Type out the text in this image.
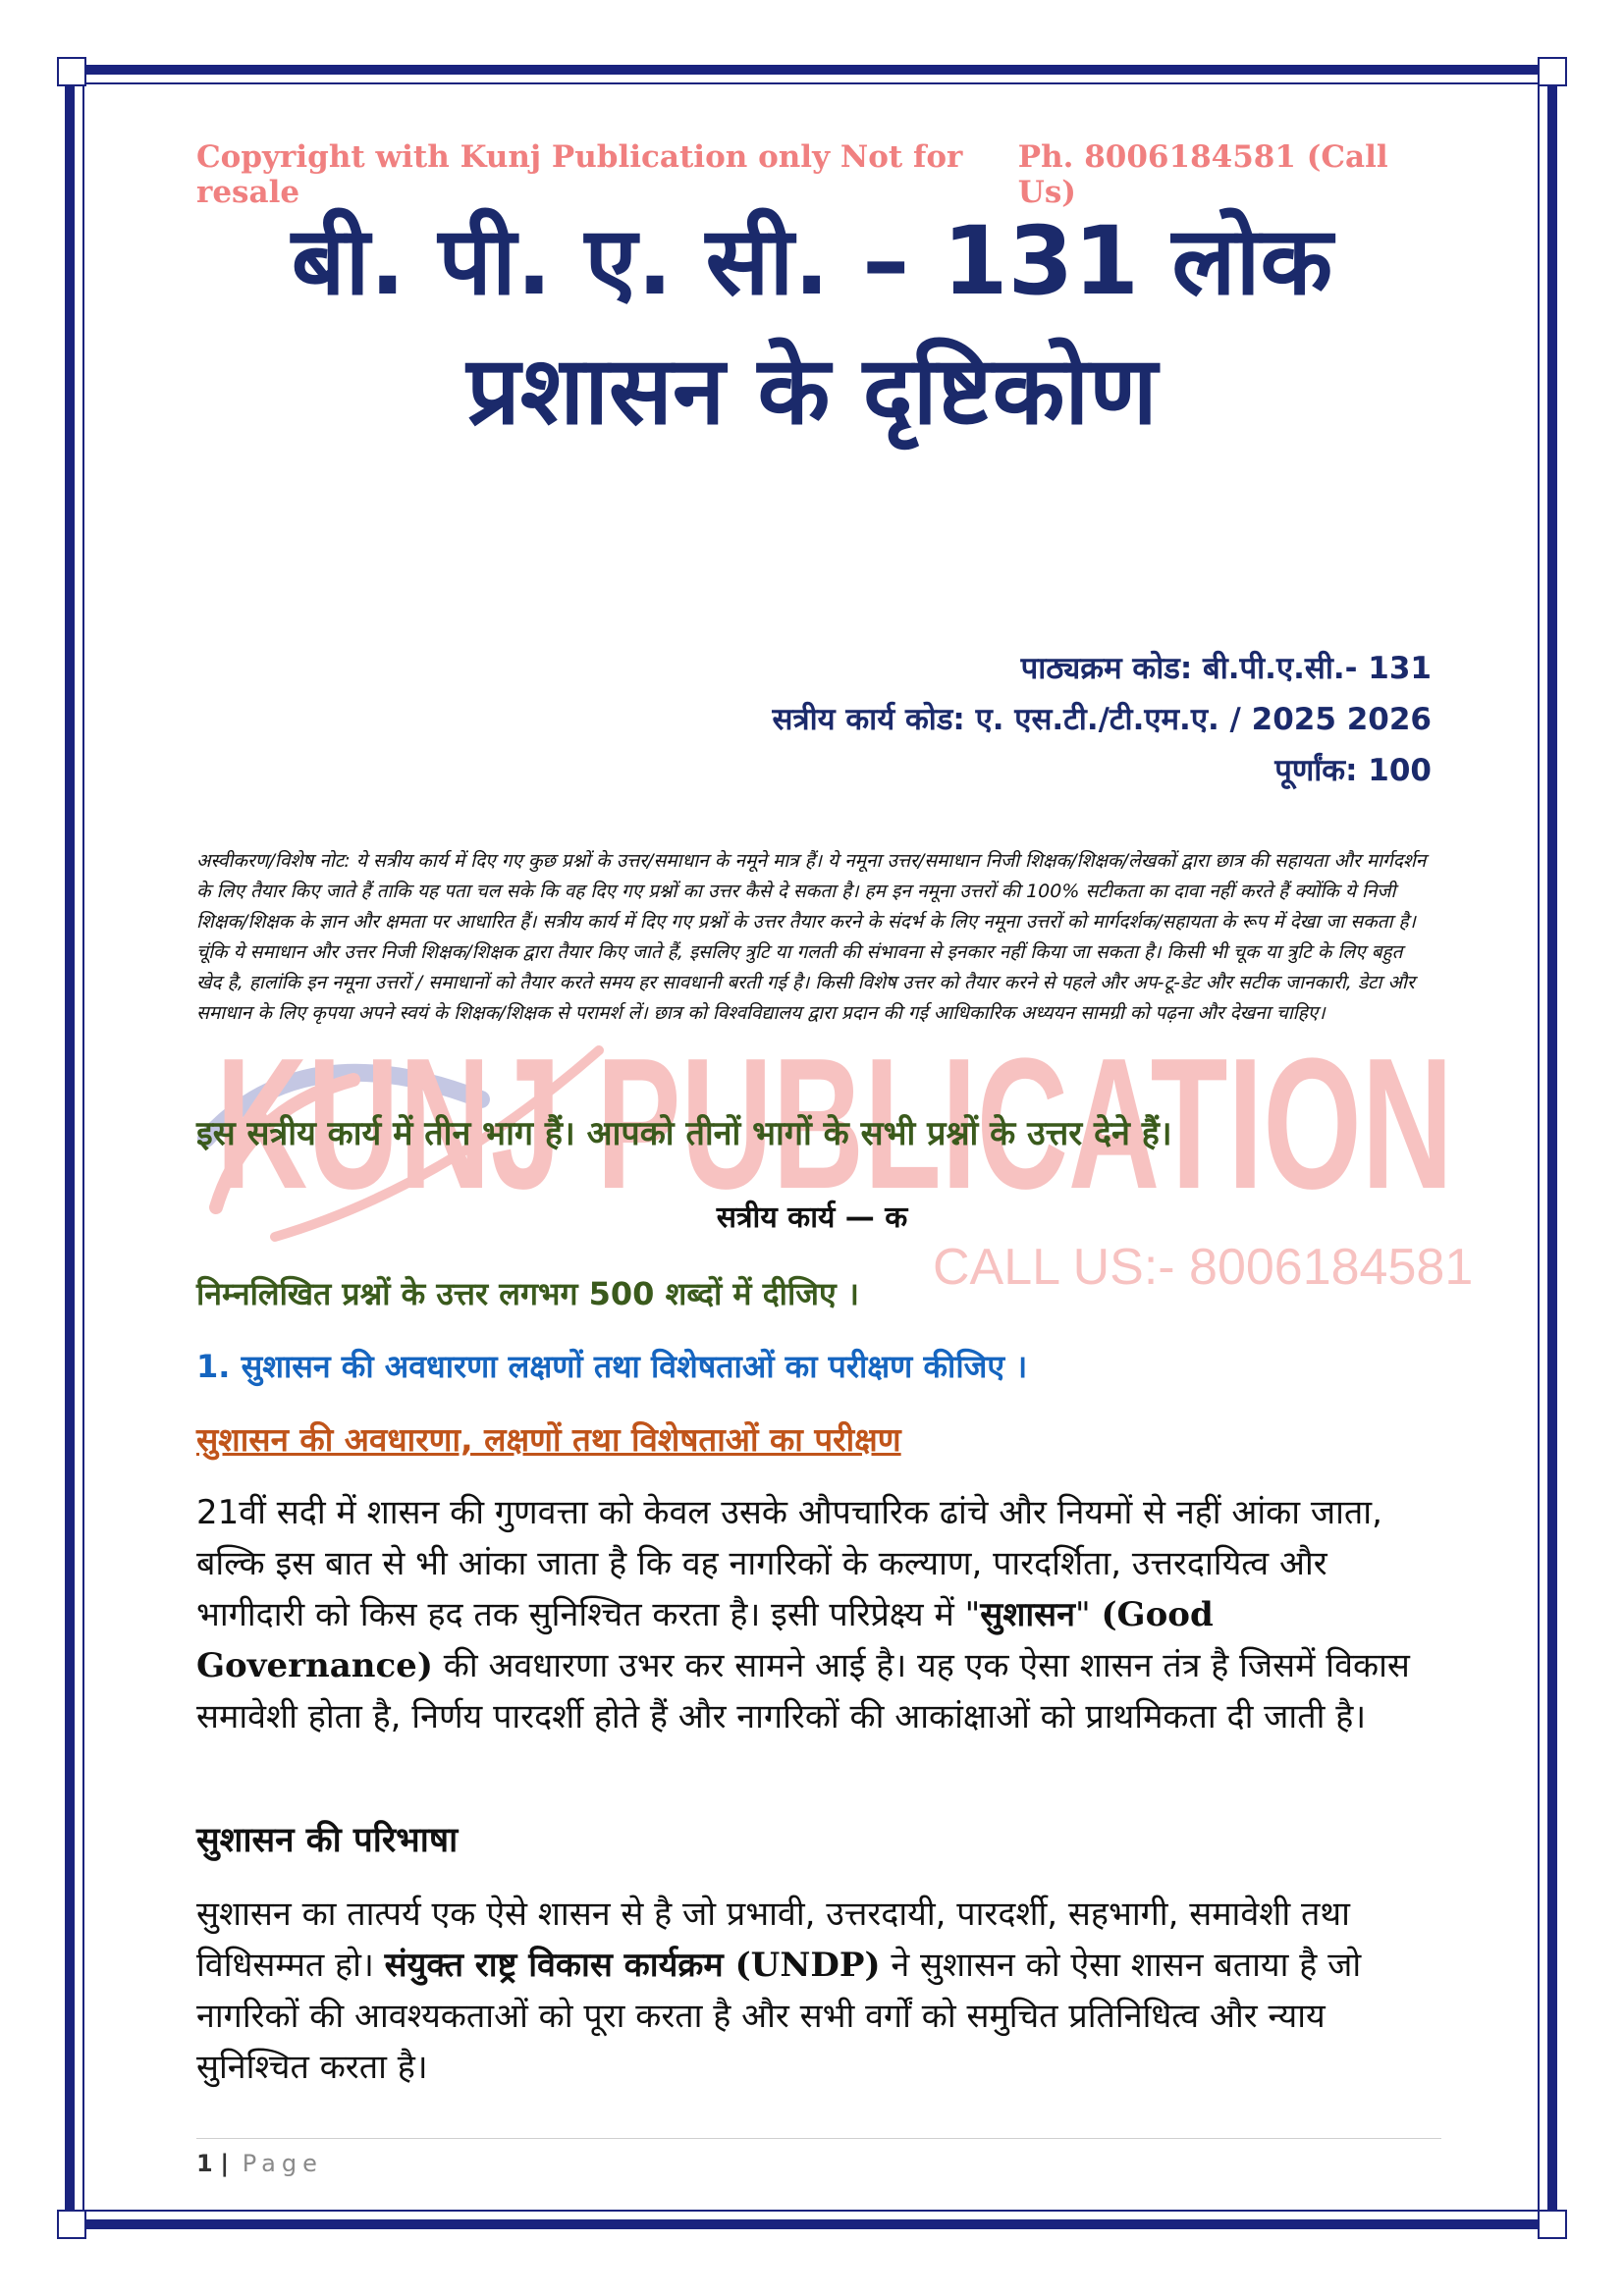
KUNJ PUBLICATION
CALL US:- 8006184581
Copyright with Kunj Publication only Not for resale
Ph. 8006184581 (Call Us)
बी. पी. ए. सी. – 131 लोक
प्रशासन के दृष्टिकोण
पाठ्यक्रम कोड: बी.पी.ए.सी.- 131
सत्रीय कार्य कोड: ए. एस.टी./टी.एम.ए. / 2025 2026
पूर्णांक: 100
अस्वीकरण/विशेष नोट: ये सत्रीय कार्य में दिए गए कुछ प्रश्नों के उत्तर/समाधान के नमूने मात्र हैं। ये नमूना उत्तर/समाधान निजी शिक्षक/शिक्षक/लेखकों द्वारा छात्र की सहायता और मार्गदर्शन के लिए तैयार किए जाते हैं ताकि यह पता चल सके कि वह दिए गए प्रश्नों का उत्तर कैसे दे सकता है। हम इन नमूना उत्तरों की 100% सटीकता का दावा नहीं करते हैं क्योंकि ये निजी शिक्षक/शिक्षक के ज्ञान और क्षमता पर आधारित हैं। सत्रीय कार्य में दिए गए प्रश्नों के उत्तर तैयार करने के संदर्भ के लिए नमूना उत्तरों को मार्गदर्शक/सहायता के रूप में देखा जा सकता है। चूंकि ये समाधान और उत्तर निजी शिक्षक/शिक्षक द्वारा तैयार किए जाते हैं, इसलिए त्रुटि या गलती की संभावना से इनकार नहीं किया जा सकता है। किसी भी चूक या त्रुटि के लिए बहुत खेद है, हालांकि इन नमूना उत्तरों / समाधानों को तैयार करते समय हर सावधानी बरती गई है। किसी विशेष उत्तर को तैयार करने से पहले और अप-टू-डेट और सटीक जानकारी, डेटा और समाधान के लिए कृपया अपने स्वयं के शिक्षक/शिक्षक से परामर्श लें। छात्र को विश्वविद्यालय द्वारा प्रदान की गई आधिकारिक अध्ययन सामग्री को पढ़ना और देखना चाहिए।
इस सत्रीय कार्य में तीन भाग हैं। आपको तीनों भागों के सभी प्रश्नों के उत्तर देने हैं।
सत्रीय कार्य — क
निम्नलिखित प्रश्नों के उत्तर लगभग 500 शब्दों में दीजिए ।
1. सुशासन की अवधारणा लक्षणों तथा विशेषताओं का परीक्षण कीजिए ।
सुशासन की अवधारणा, लक्षणों तथा विशेषताओं का परीक्षण
21वीं सदी में शासन की गुणवत्ता को केवल उसके औपचारिक ढांचे और नियमों से नहीं आंका जाता, बल्कि इस बात से भी आंका जाता है कि वह नागरिकों के कल्याण, पारदर्शिता, उत्तरदायित्व और भागीदारी को किस हद तक सुनिश्चित करता है। इसी परिप्रेक्ष्य में "सुशासन" (Good Governance) की अवधारणा उभर कर सामने आई है। यह एक ऐसा शासन तंत्र है जिसमें विकास समावेशी होता है, निर्णय पारदर्शी होते हैं और नागरिकों की आकांक्षाओं को प्राथमिकता दी जाती है।
सुशासन की परिभाषा
सुशासन का तात्पर्य एक ऐसे शासन से है जो प्रभावी, उत्तरदायी, पारदर्शी, सहभागी, समावेशी तथा विधिसम्मत हो। संयुक्त राष्ट्र विकास कार्यक्रम (UNDP) ने सुशासन को ऐसा शासन बताया है जो नागरिकों की आवश्यकताओं को पूरा करता है और सभी वर्गों को समुचित प्रतिनिधित्व और न्याय सुनिश्चित करता है।
1 | Page
